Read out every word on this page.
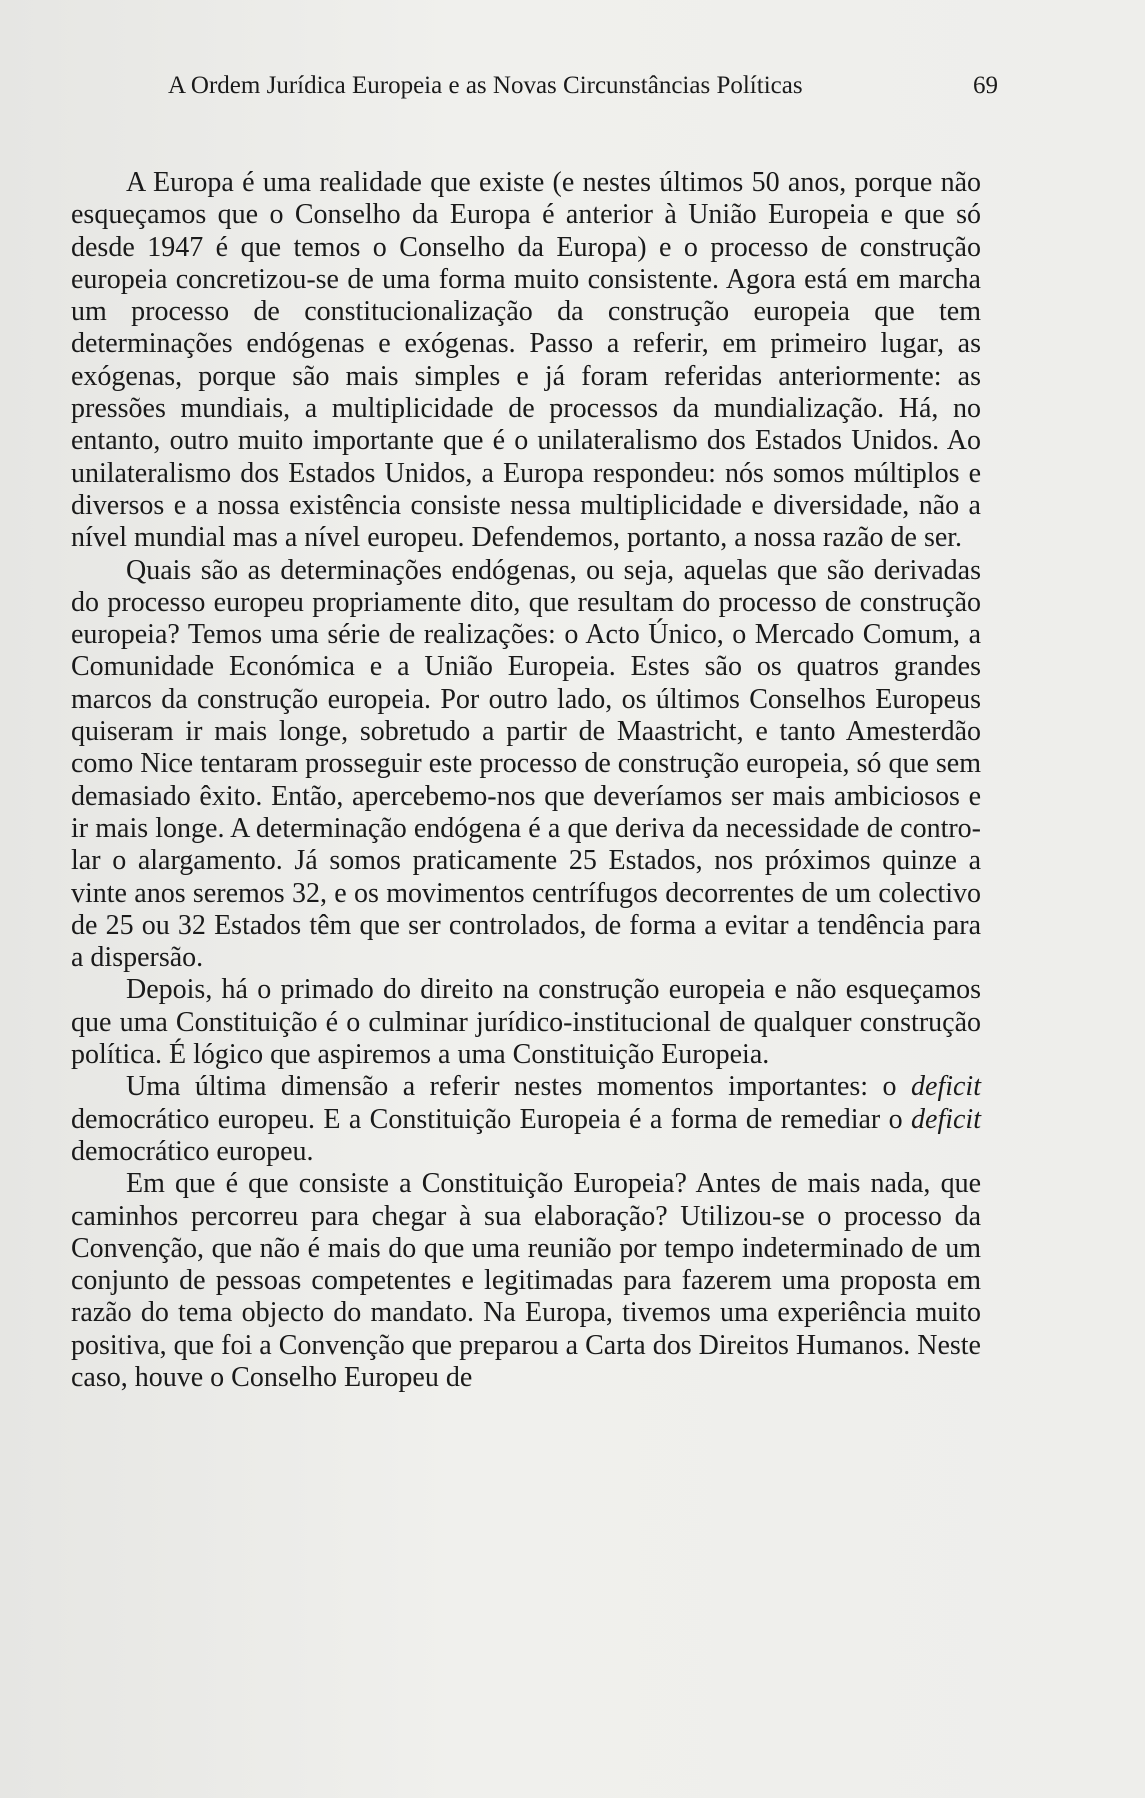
A Ordem Jurídica Europeia e as Novas Circunstâncias Políticas	69

A Europa é uma realidade que existe (e nestes últimos 50 anos, porque não esqueçamos que o Conselho da Europa é anterior à União Europeia e que só desde 1947 é que temos o Conselho da Europa) e o processo de construção europeia concretizou-se de uma forma muito consistente. Agora está em marcha um processo de constitucionalização da construção europeia que tem determinações endógenas e exógenas. Passo a referir, em primeiro lugar, as exógenas, porque são mais simples e já foram referidas anteriormente: as pressões mundiais, a multiplicidade de processos da mundialização. Há, no entanto, outro muito importante que é o unilateralismo dos Estados Unidos. Ao unilateralismo dos Estados Unidos, a Europa respondeu: nós somos múltiplos e diversos e a nossa existência consiste nessa multiplicidade e diversidade, não a nível mundial mas a nível europeu. Defendemos, portanto, a nossa razão de ser.

Quais são as determinações endógenas, ou seja, aquelas que são derivadas do processo europeu propriamente dito, que resultam do processo de construção europeia? Temos uma série de realizações: o Acto Único, o Mercado Comum, a Comunidade Económica e a União Europeia. Estes são os quatros grandes marcos da construção europeia. Por outro lado, os últimos Conselhos Europeus quiseram ir mais longe, sobretudo a partir de Maastricht, e tanto Amesterdão como Nice tentaram prosseguir este processo de construção europeia, só que sem demasiado êxito. Então, apercebemo-nos que deveríamos ser mais ambiciosos e ir mais longe. A determinação endógena é a que deriva da necessidade de controlar o alargamento. Já somos praticamente 25 Estados, nos próximos quinze a vinte anos seremos 32, e os movimentos centrífugos decorrentes de um colectivo de 25 ou 32 Estados têm que ser controlados, de forma a evitar a tendência para a dispersão.

Depois, há o primado do direito na construção europeia e não esqueçamos que uma Constituição é o culminar jurídico-institucional de qualquer construção política. É lógico que aspiremos a uma Constituição Europeia.

Uma última dimensão a referir nestes momentos importantes: o deficit democrático europeu. E a Constituição Europeia é a forma de remediar o deficit democrático europeu.

Em que é que consiste a Constituição Europeia? Antes de mais nada, que caminhos percorreu para chegar à sua elaboração? Utilizou-se o processo da Convenção, que não é mais do que uma reunião por tempo indeterminado de um conjunto de pessoas competentes e legitimadas para fazerem uma proposta em razão do tema objecto do mandato. Na Europa, tivemos uma experiência muito positiva, que foi a Convenção que preparou a Carta dos Direitos Humanos. Neste caso, houve o Conselho Europeu de
